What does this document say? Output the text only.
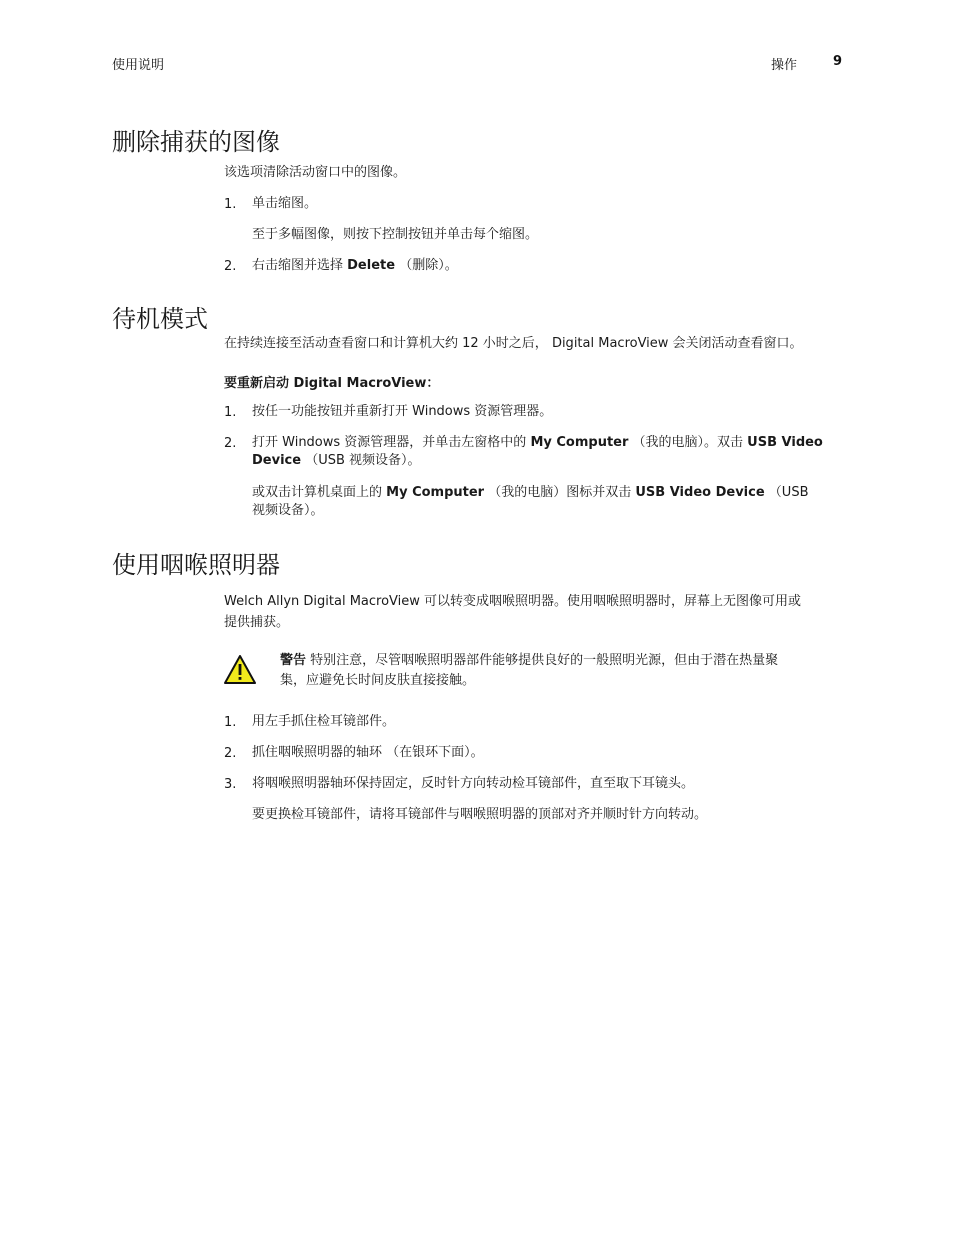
使用说明	操作	9
删除捕获的图像
该选项清除活动窗口中的图像。
1. 单击缩图。
至于多幅图像，则按下控制按钮并单击每个缩图。
2. 右击缩图并选择 Delete （删除）。
待机模式
在持续连接至活动查看窗口和计算机大约 12 小时之后， Digital MacroView 会关闭活动查看窗口。
要重新启动 Digital MacroView：
1. 按任一功能按钮并重新打开 Windows 资源管理器。
2. 打开 Windows 资源管理器，并单击左窗格中的 My Computer （我的电脑）。双击 USB Video
Device （USB 视频设备）。
或双击计算机桌面上的 My Computer （我的电脑）图标并双击 USB Video Device （USB
视频设备）。
使用咽喉照明器
Welch Allyn Digital MacroView 可以转变成咽喉照明器。使用咽喉照明器时，屏幕上无图像可用或
提供捕获。
警告 特别注意，尽管咽喉照明器部件能够提供良好的一般照明光源，但由于潜在热量聚
集，应避免长时间皮肤直接接触。
1. 用左手抓住检耳镜部件。
2. 抓住咽喉照明器的轴环 （在银环下面）。
3. 将咽喉照明器轴环保持固定，反时针方向转动检耳镜部件，直至取下耳镜头。
要更换检耳镜部件，请将耳镜部件与咽喉照明器的顶部对齐并顺时针方向转动。
